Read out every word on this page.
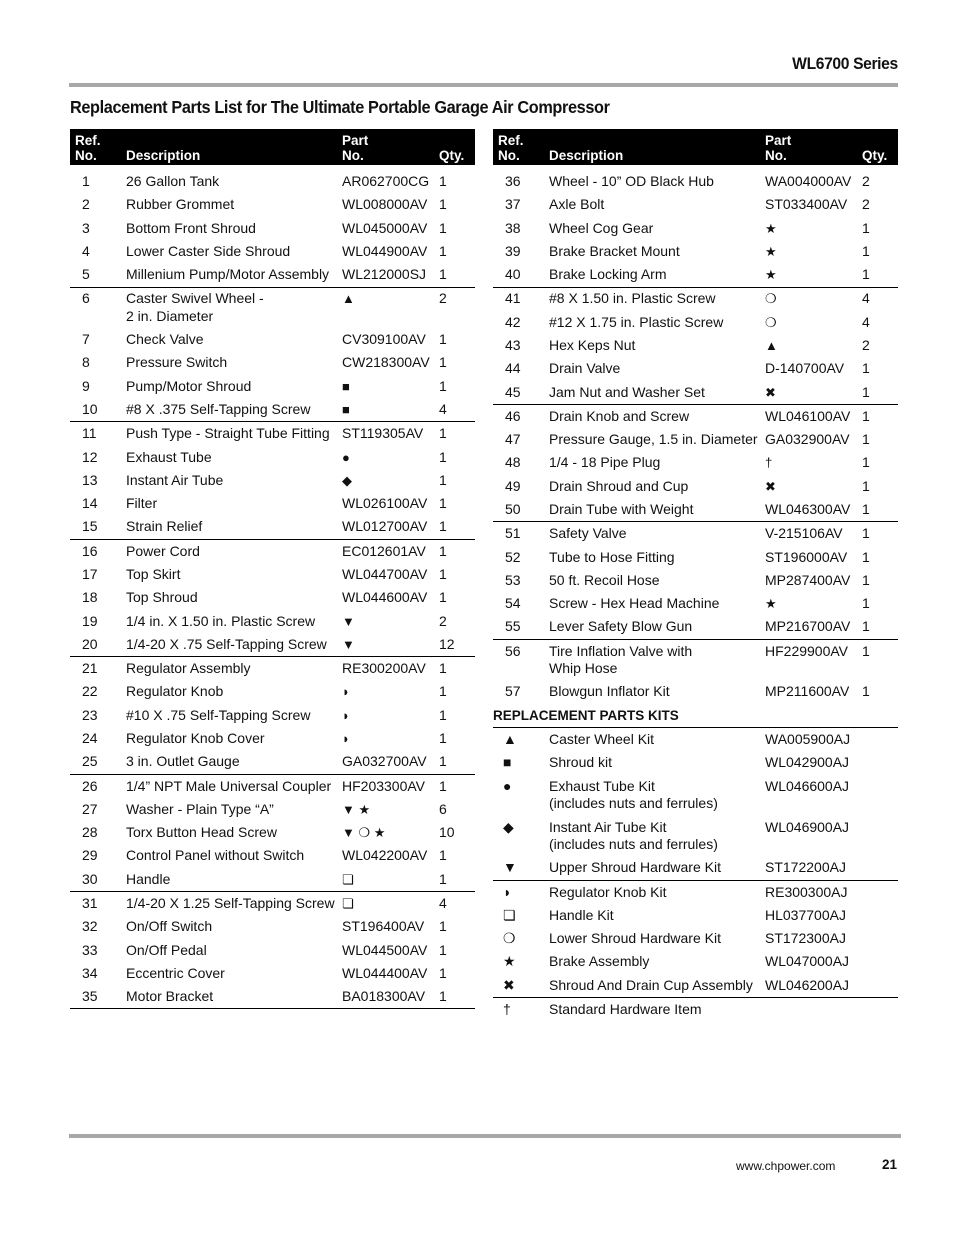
WL6700 Series
Replacement Parts List for The Ultimate Portable Garage Air Compressor
Ref.
No.	Description	Part
No.	Qty.
1	26 Gallon Tank	AR062700CG	1
2	Rubber Grommet	WL008000AV	1
3	Bottom Front Shroud	WL045000AV	1
4	Lower Caster Side Shroud	WL044900AV	1
5	Millenium Pump/Motor Assembly	WL212000SJ	1
6	Caster Swivel Wheel -
2 in. Diameter	▲	2
7	Check Valve	CV309100AV	1
8	Pressure Switch	CW218300AV	1
9	Pump/Motor Shroud	■	1
10	#8 X .375 Self-Tapping Screw	■	4
11	Push Type - Straight Tube Fitting	ST119305AV	1
12	Exhaust Tube	●	1
13	Instant Air Tube	◆	1
14	Filter	WL026100AV	1
15	Strain Relief	WL012700AV	1
16	Power Cord	EC012601AV	1
17	Top Skirt	WL044700AV	1
18	Top Shroud	WL044600AV	1
19	1/4 in. X 1.50 in. Plastic Screw	▼	2
20	1/4-20 X .75 Self-Tapping Screw	▼	12
21	Regulator Assembly	RE300200AV	1
22	Regulator Knob	◗	1
23	#10 X .75 Self-Tapping Screw	◗	1
24	Regulator Knob Cover	◗	1
25	3 in. Outlet Gauge	GA032700AV	1
26	1/4” NPT Male Universal Coupler	HF203300AV	1
27	Washer - Plain Type “A”	▼ ★	6
28	Torx Button Head Screw	▼ ❍ ★	10
29	Control Panel without Switch	WL042200AV	1
30	Handle	❏	1
31	1/4-20 X 1.25 Self-Tapping Screw	❏	4
32	On/Off Switch	ST196400AV	1
33	On/Off Pedal	WL044500AV	1
34	Eccentric Cover	WL044400AV	1
35	Motor Bracket	BA018300AV	1
Ref.
No.	Description	Part
No.	Qty.
36	Wheel - 10” OD Black Hub	WA004000AV	2
37	Axle Bolt	ST033400AV	2
38	Wheel Cog Gear	★	1
39	Brake Bracket Mount	★	1
40	Brake Locking Arm	★	1
41	#8 X 1.50 in. Plastic Screw	❍	4
42	#12 X 1.75 in. Plastic Screw	❍	4
43	Hex Keps Nut	▲	2
44	Drain Valve	D-140700AV	1
45	Jam Nut and Washer Set	✖	1
46	Drain Knob and Screw	WL046100AV	1
47	Pressure Gauge, 1.5 in. Diameter	GA032900AV	1
48	1/4 - 18 Pipe Plug	†	1
49	Drain Shroud and Cup	✖	1
50	Drain Tube with Weight	WL046300AV	1
51	Safety Valve	V-215106AV	1
52	Tube to Hose Fitting	ST196000AV	1
53	50 ft. Recoil Hose	MP287400AV	1
54	Screw - Hex Head Machine	★	1
55	Lever Safety Blow Gun	MP216700AV	1
56	Tire Inflation Valve with
Whip Hose	HF229900AV	1
57	Blowgun Inflator Kit	MP211600AV	1
REPLACEMENT PARTS KITS			
▲	Caster Wheel Kit	WA005900AJ	
■	Shroud kit	WL042900AJ	
●	Exhaust Tube Kit
(includes nuts and ferrules)	WL046600AJ	
◆	Instant Air Tube Kit
(includes nuts and ferrules)	WL046900AJ	
▼	Upper Shroud Hardware Kit	ST172200AJ	
◗	Regulator Knob Kit	RE300300AJ	
❏	Handle Kit	HL037700AJ	
❍	Lower Shroud Hardware Kit	ST172300AJ	
★	Brake Assembly	WL047000AJ	
✖	Shroud And Drain Cup Assembly	WL046200AJ	
†	Standard Hardware Item		
www.chpower.com	21
